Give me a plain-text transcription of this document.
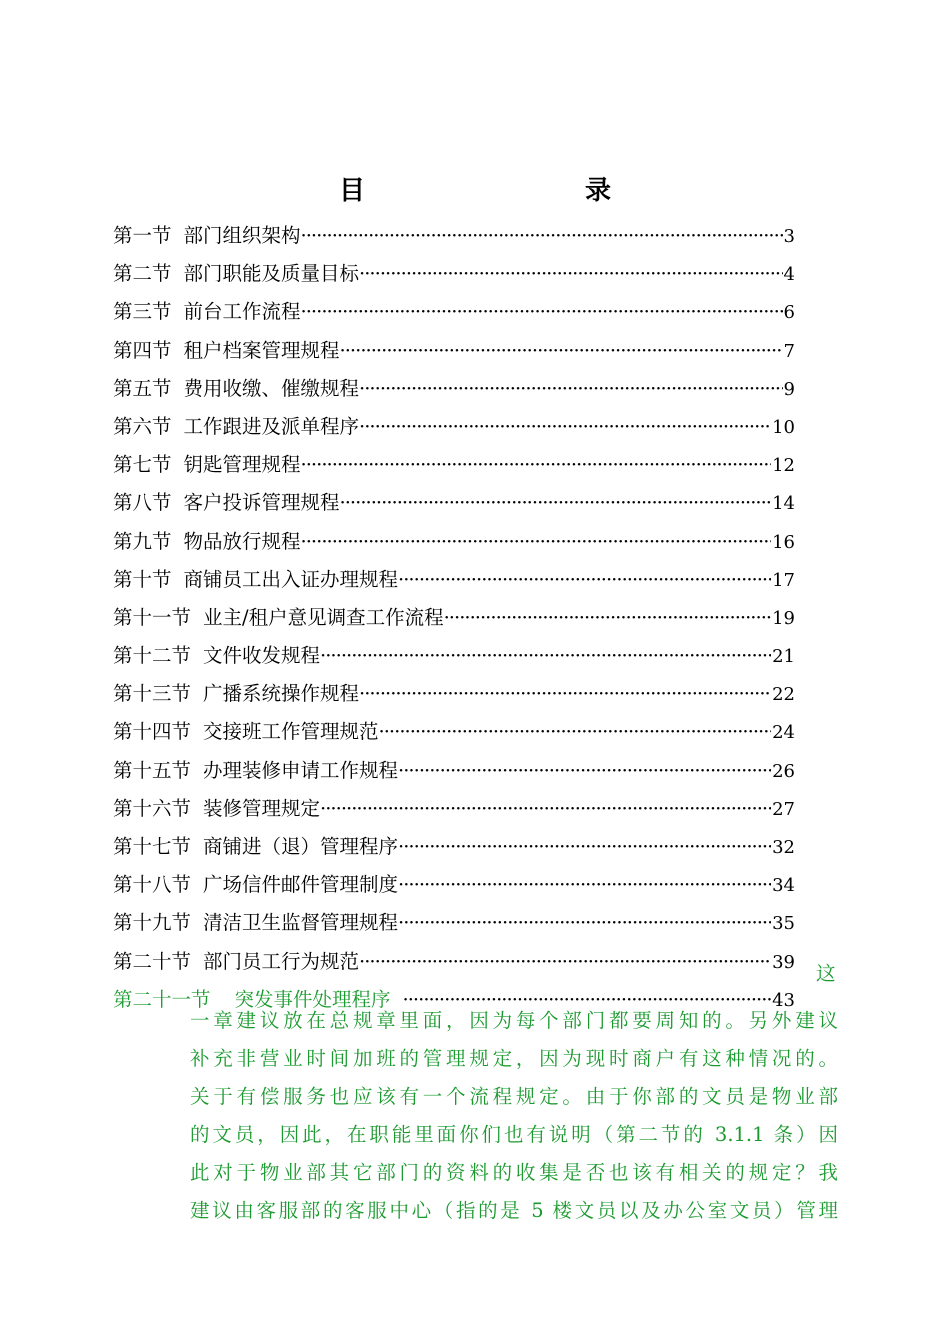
目　　录
第一节 部门组织架构 ·····	3
第二节 部门职能及质量目标 ·····	4
第三节 前台工作流程 ·····	6
第四节 租户档案管理规程 ·····	7
第五节 费用收缴、催缴规程 ·····	9
第六节 工作跟进及派单程序 ·····	10
第七节 钥匙管理规程 ·····	12
第八节 客户投诉管理规程 ·····	14
第九节 物品放行规程 ·····	16
第十节 商铺员工出入证办理规程 ·····	17
第十一节 业主/租户意见调查工作流程 ·····	19
第十二节 文件收发规程 ·····	21
第十三节 广播系统操作规程 ·····	22
第十四节 交接班工作管理规范 ·····	24
第十五节 办理装修申请工作规程 ·····	26
第十六节 装修管理规定 ·····	27
第十七节 商铺进（退）管理程序 ·····	32
第十八节 广场信件邮件管理制度 ·····	34
第十九节 清洁卫生监督管理规程 ·····	35
第二十节 部门员工行为规范 ·····	39
第二十一节	突发事件处理程序 ·····	43
这
一章建议放在总规章里面，因为每个部门都要周知的。另外建议
补充非营业时间加班的管理规定，因为现时商户有这种情况的。
关于有偿服务也应该有一个流程规定。由于你部的文员是物业部
的文员，因此，在职能里面你们也有说明（第二节的 3.1.1 条）因
此对于物业部其它部门的资料的收集是否也该有相关的规定？我
建议由客服部的客服中心（指的是 5 楼文员以及办公室文员）管理
